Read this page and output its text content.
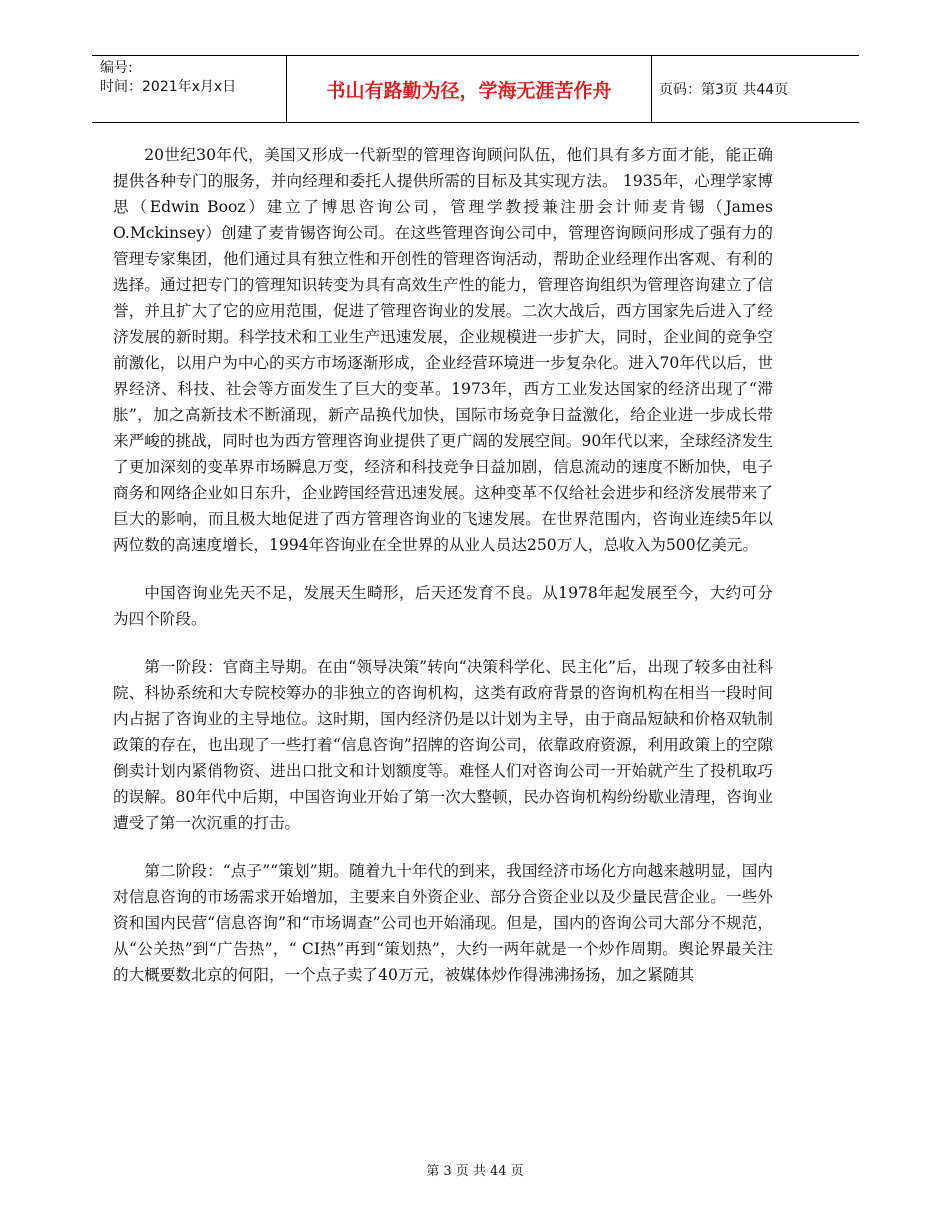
编号:
时间：2021年x月x日	书山有路勤为径，学海无涯苦作舟	页码：第3页 共44页

20世纪30年代，美国又形成一代新型的管理咨询顾问队伍，他们具有多方面才能，能正确提供各种专门的服务，并向经理和委托人提供所需的目标及其实现方法。 1935年，心理学家博思（Edwin Booz）建立了博思咨询公司，管理学教授兼注册会计师麦肯锡（James O.Mckinsey）创建了麦肯锡咨询公司。在这些管理咨询公司中，管理咨询顾问形成了强有力的管理专家集团，他们通过具有独立性和开创性的管理咨询活动，帮助企业经理作出客观、有利的选择。通过把专门的管理知识转变为具有高效生产性的能力，管理咨询组织为管理咨询建立了信誉，并且扩大了它的应用范围，促进了管理咨询业的发展。二次大战后，西方国家先后进入了经济发展的新时期。科学技术和工业生产迅速发展，企业规模进一步扩大，同时，企业间的竞争空前激化，以用户为中心的买方市场逐渐形成，企业经营环境进一步复杂化。进入70年代以后，世界经济、科技、社会等方面发生了巨大的变革。1973年，西方工业发达国家的经济出现了“滞胀”，加之高新技术不断涌现，新产品换代加快，国际市场竞争日益激化，给企业进一步成长带来严峻的挑战，同时也为西方管理咨询业提供了更广阔的发展空间。90年代以来，全球经济发生了更加深刻的变革界市场瞬息万变，经济和科技竞争日益加剧，信息流动的速度不断加快，电子商务和网络企业如日东升，企业跨国经营迅速发展。这种变革不仅给社会进步和经济发展带来了巨大的影响，而且极大地促进了西方管理咨询业的飞速发展。在世界范围内，咨询业连续5年以两位数的高速度增长，1994年咨询业在全世界的从业人员达250万人，总收入为500亿美元。

中国咨询业先天不足，发展天生畸形，后天还发育不良。从1978年起发展至今，大约可分为四个阶段。

第一阶段：官商主导期。在由“领导决策”转向“决策科学化、民主化”后，出现了较多由社科院、科协系统和大专院校筹办的非独立的咨询机构，这类有政府背景的咨询机构在相当一段时间内占据了咨询业的主导地位。这时期，国内经济仍是以计划为主导，由于商品短缺和价格双轨制政策的存在，也出现了一些打着“信息咨询”招牌的咨询公司，依靠政府资源，利用政策上的空隙倒卖计划内紧俏物资、进出口批文和计划额度等。难怪人们对咨询公司一开始就产生了投机取巧的误解。80年代中后期，中国咨询业开始了第一次大整顿，民办咨询机构纷纷歇业清理，咨询业遭受了第一次沉重的打击。

第二阶段：“点子”“策划”期。随着九十年代的到来，我国经济市场化方向越来越明显，国内对信息咨询的市场需求开始增加，主要来自外资企业、部分合资企业以及少量民营企业。一些外资和国内民营“信息咨询”和“市场调查”公司也开始涌现。但是，国内的咨询公司大部分不规范，从“公关热”到“广告热”，“ CI热”再到“策划热”，大约一两年就是一个炒作周期。舆论界最关注的大概要数北京的何阳，一个点子卖了40万元，被媒体炒作得沸沸扬扬，加之紧随其

第 3 页 共 44 页
